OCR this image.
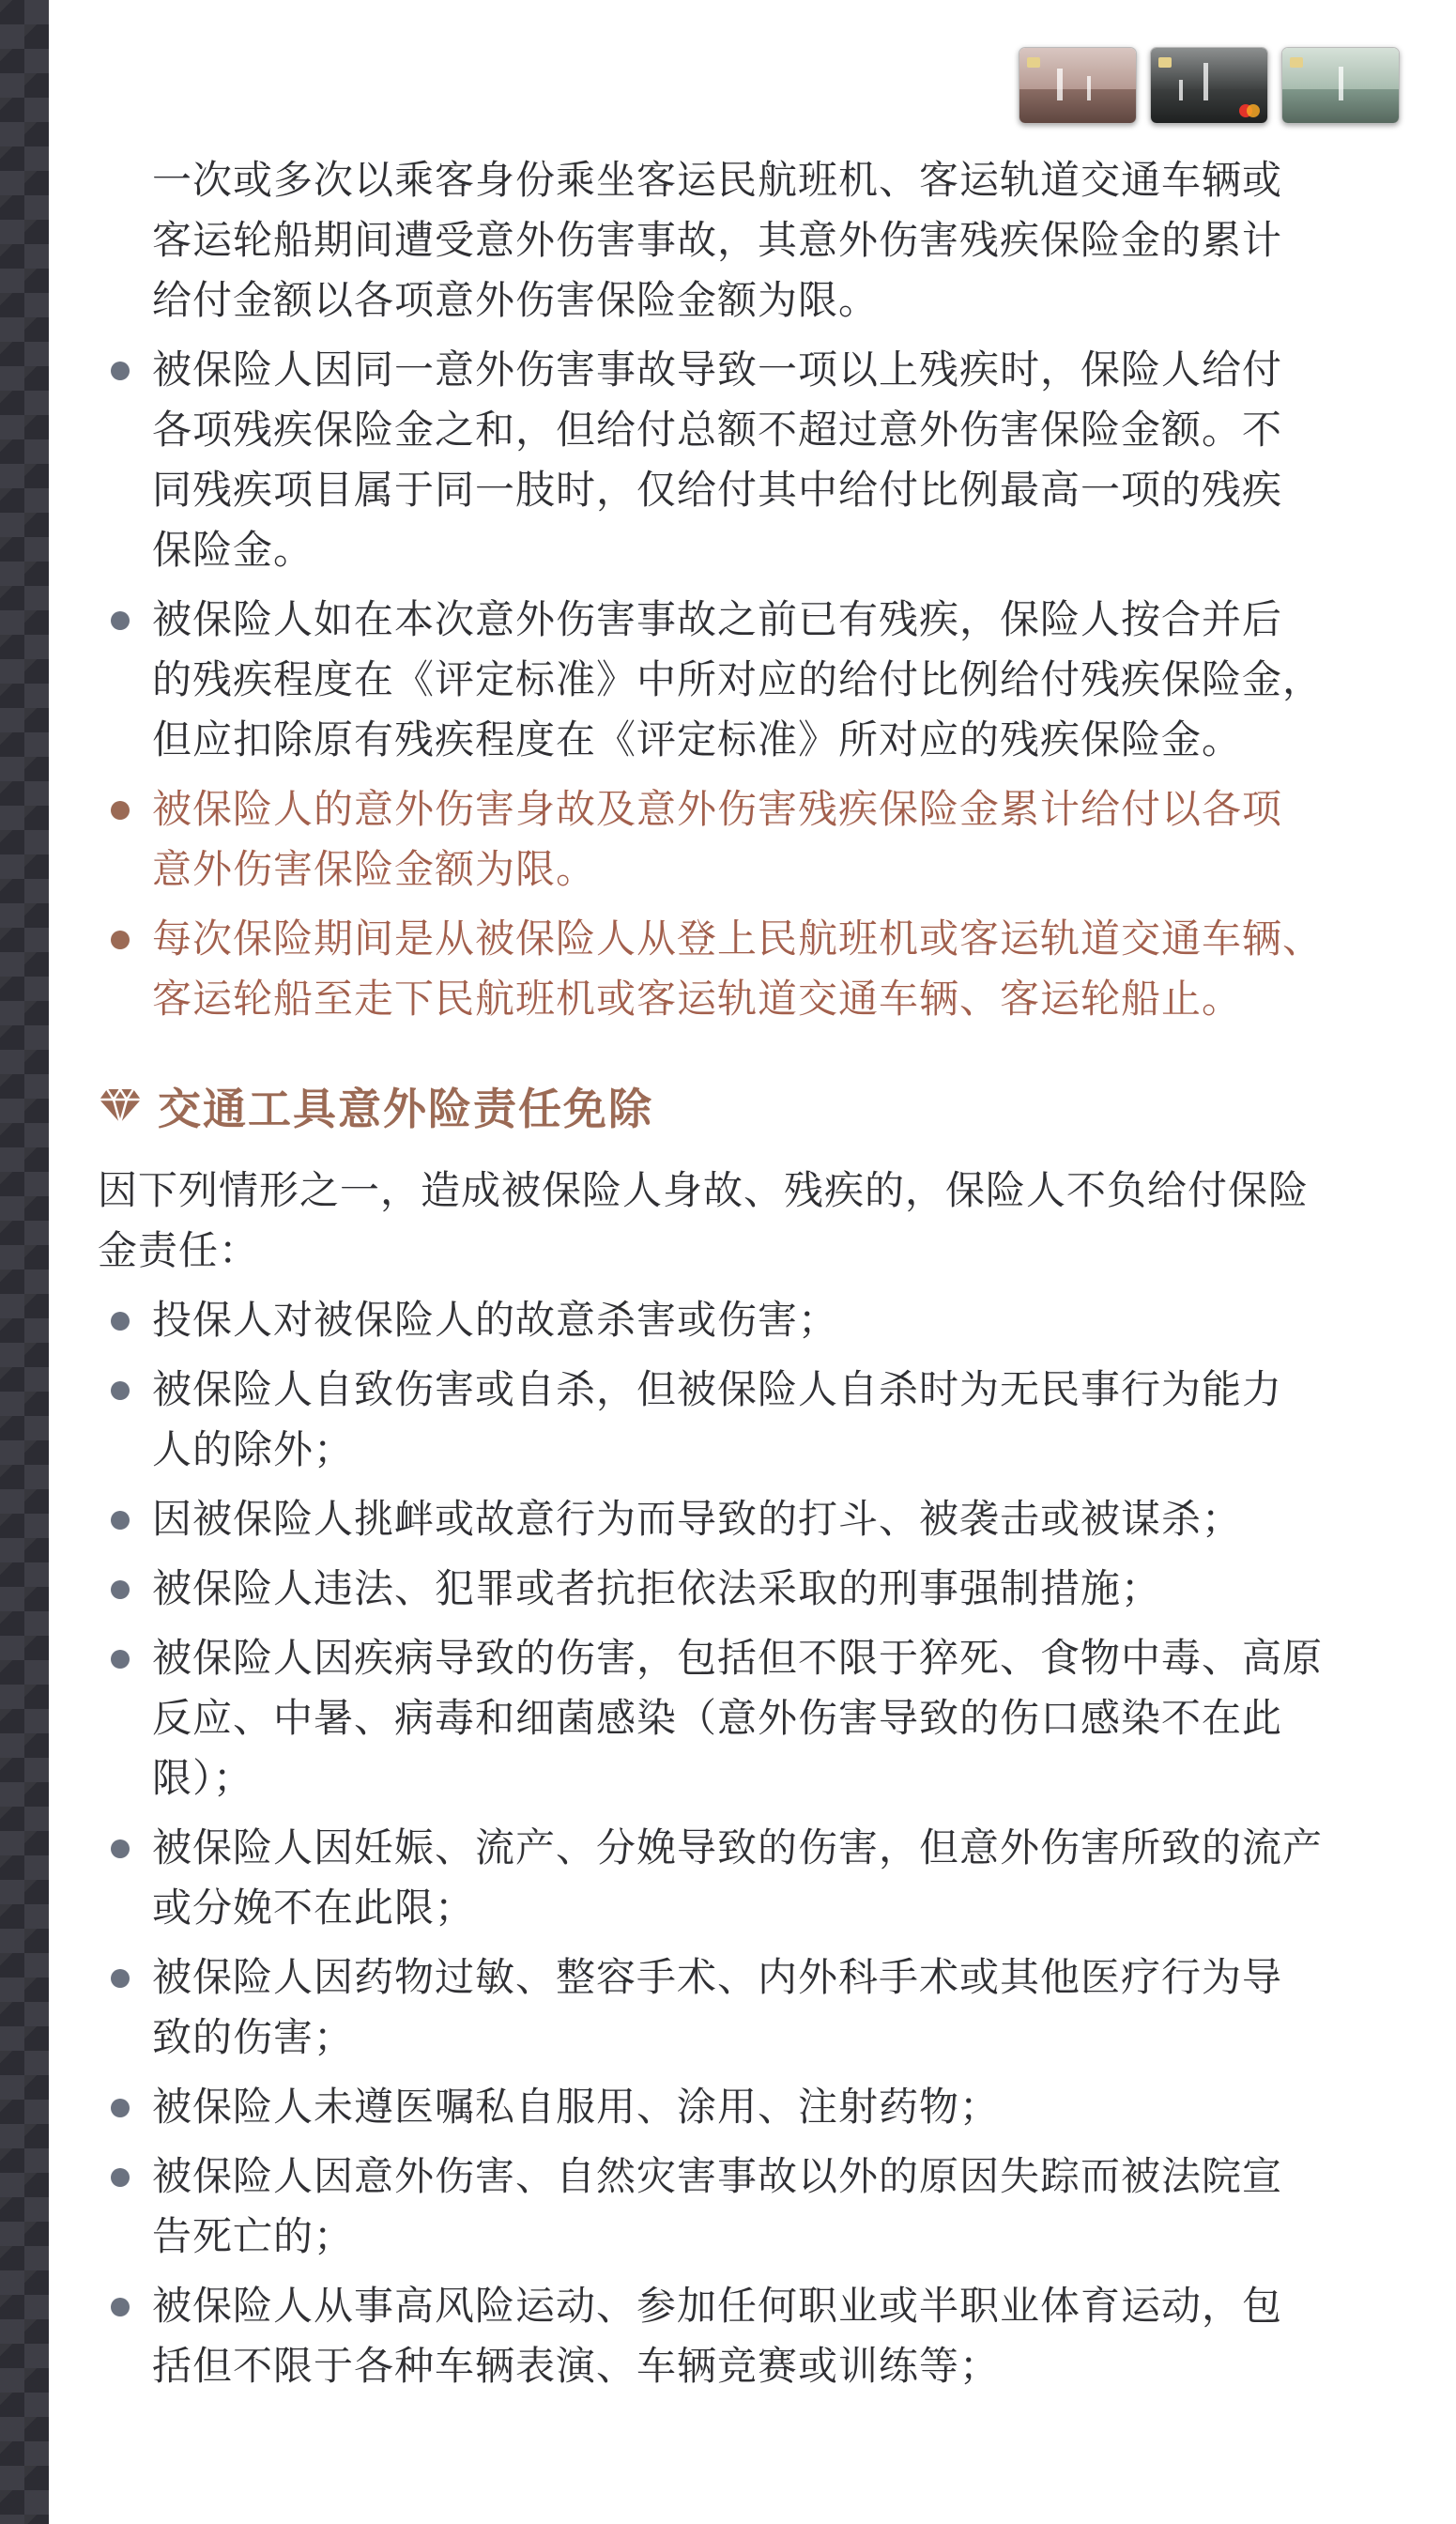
一次或多次以乘客身份乘坐客运民航班机、客运轨道交通车辆或
客运轮船期间遭受意外伤害事故，其意外伤害残疾保险金的累计
给付金额以各项意外伤害保险金额为限。
被保险人因同一意外伤害事故导致一项以上残疾时，保险人给付
各项残疾保险金之和，但给付总额不超过意外伤害保险金额。不
同残疾项目属于同一肢时，仅给付其中给付比例最高一项的残疾
保险金。
被保险人如在本次意外伤害事故之前已有残疾，保险人按合并后
的残疾程度在《评定标准》中所对应的给付比例给付残疾保险金，
但应扣除原有残疾程度在《评定标准》所对应的残疾保险金。
被保险人的意外伤害身故及意外伤害残疾保险金累计给付以各项
意外伤害保险金额为限。
每次保险期间是从被保险人从登上民航班机或客运轨道交通车辆、
客运轮船至走下民航班机或客运轨道交通车辆、客运轮船止。
交通工具意外险责任免除
因下列情形之一，造成被保险人身故、残疾的，保险人不负给付保险
金责任：
投保人对被保险人的故意杀害或伤害；
被保险人自致伤害或自杀，但被保险人自杀时为无民事行为能力
人的除外；
因被保险人挑衅或故意行为而导致的打斗、被袭击或被谋杀；
被保险人违法、犯罪或者抗拒依法采取的刑事强制措施；
被保险人因疾病导致的伤害，包括但不限于猝死、食物中毒、高原
反应、中暑、病毒和细菌感染（意外伤害导致的伤口感染不在此
限）；
被保险人因妊娠、流产、分娩导致的伤害，但意外伤害所致的流产
或分娩不在此限；
被保险人因药物过敏、整容手术、内外科手术或其他医疗行为导
致的伤害；
被保险人未遵医嘱私自服用、涂用、注射药物；
被保险人因意外伤害、自然灾害事故以外的原因失踪而被法院宣
告死亡的；
被保险人从事高风险运动、参加任何职业或半职业体育运动，包
括但不限于各种车辆表演、车辆竞赛或训练等；
